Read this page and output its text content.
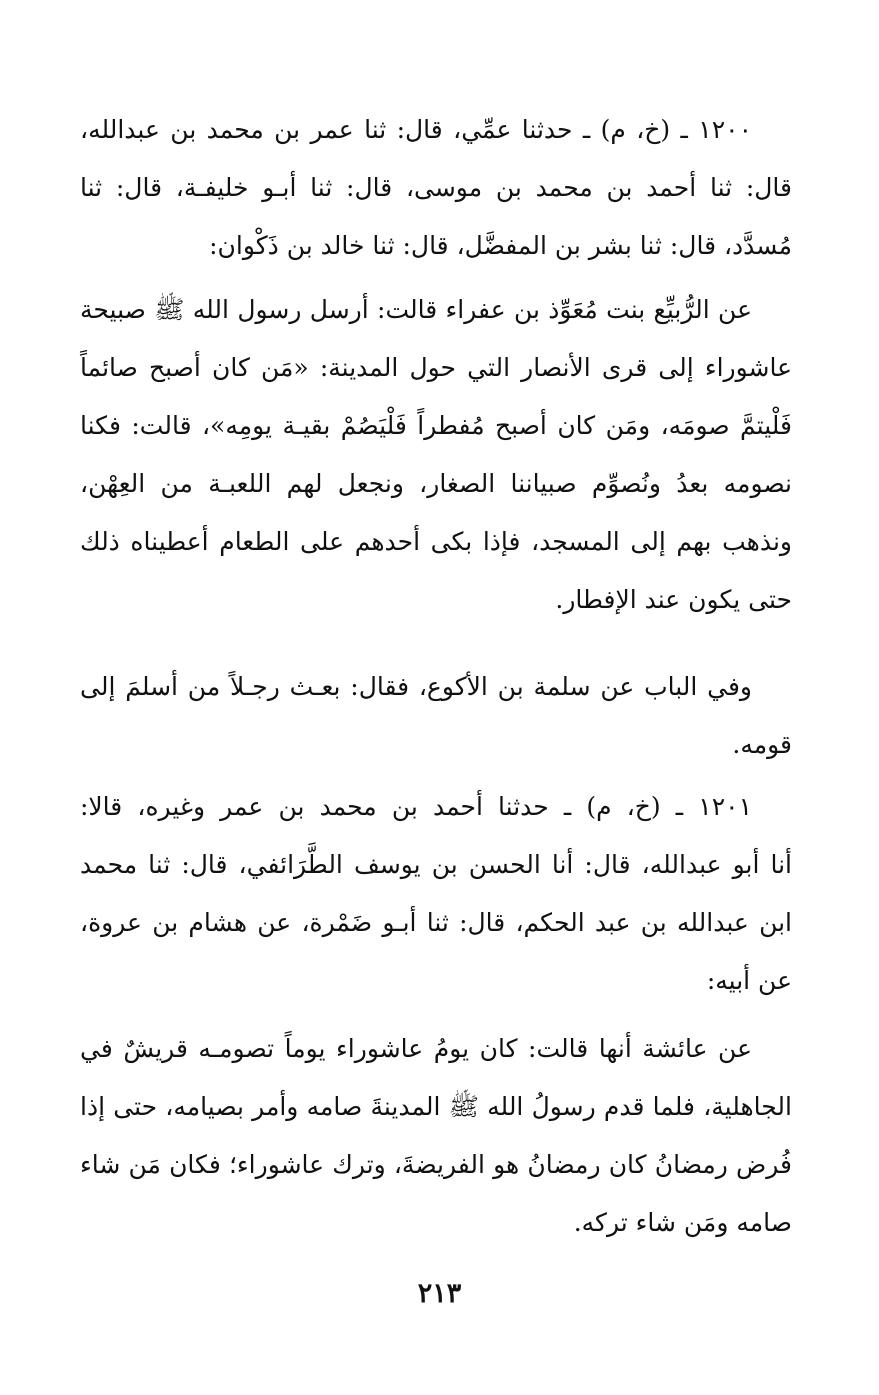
١٢٠٠ ـ (خ، م) ـ حدثنا عمِّي، قال: ثنا عمر بن محمد بن عبدالله،
قال: ثنا أحمد بن محمد بن موسى، قال: ثنا أبـو خليفـة، قال: ثنا
مُسدَّد، قال: ثنا بشر بن المفضَّل، قال: ثنا خالد بن ذَكْوان:
عن الرُّبيِّع بنت مُعَوِّذ بن عفراء قالت: أرسل رسول الله ﷺ صبيحة
عاشوراء إلى قرى الأنصار التي حول المدينة: «مَن كان أصبح صائماً
فَلْيتمَّ صومَه، ومَن كان أصبح مُفطراً فَلْيَصُمْ بقيـة يومِه»، قالت: فكنا
نصومه بعدُ ونُصوِّم صبياننا الصغار، ونجعل لهم اللعبـة من العِهْن،
ونذهب بهم إلى المسجد، فإذا بكى أحدهم على الطعام أعطيناه ذلك
حتى يكون عند الإفطار.
وفي الباب عن سلمة بن الأكوع، فقال: بعـث رجـلاً من أسلمَ إلى
قومه.
١٢٠١ ـ (خ، م) ـ حدثنا أحمد بن محمد بن عمر وغيره، قالا:
أنا أبو عبدالله، قال: أنا الحسن بن يوسف الطَّرَائفي، قال: ثنا محمد
ابن عبدالله بن عبد الحكم، قال: ثنا أبـو ضَمْرة، عن هشام بن عروة،
عن أبيه:
عن عائشة أنها قالت: كان يومُ عاشوراء يوماً تصومـه قريشٌ في
الجاهلية، فلما قدم رسولُ الله ﷺ المدينةَ صامه وأمر بصيامه، حتى إذا
فُرض رمضانُ كان رمضانُ هو الفريضةَ، وترك عاشوراء؛ فكان مَن شاء
صامه ومَن شاء تركه.
٢١٣
